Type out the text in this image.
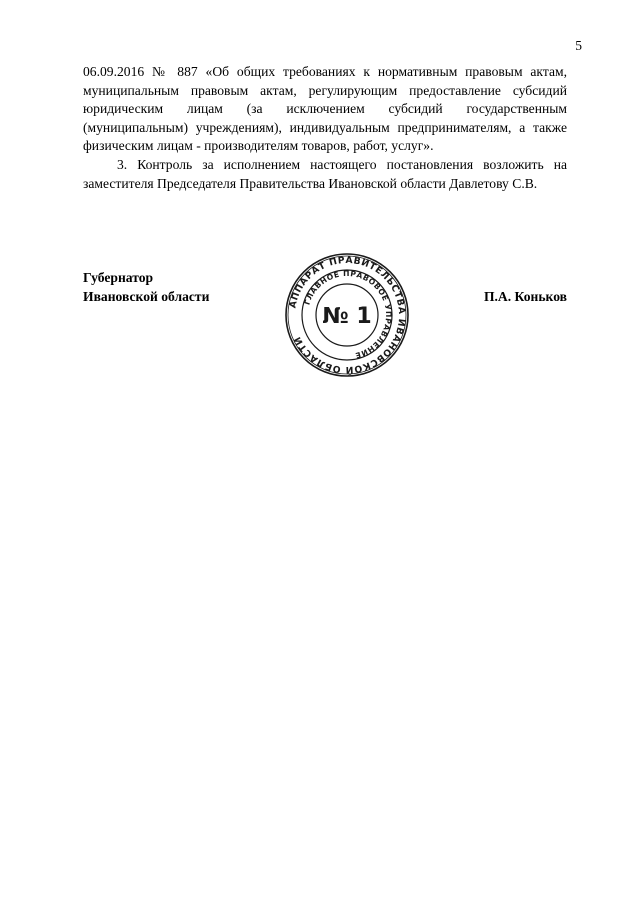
5

06.09.2016 № 887 «Об общих требованиях к нормативным правовым актам, муниципальным правовым актам, регулирующим предоставление субсидий юридическим лицам (за исключением субсидий государственным (муниципальным) учреждениям), индивидуальным предпринимателям, а также физическим лицам - производителям товаров, работ, услуг».

3. Контроль за исполнением настоящего постановления возложить на заместителя Председателя Правительства Ивановской области Давлетову С.В.

Губернатор
Ивановской области	П.А. Коньков
АППАРАТ ПРАВИТЕЛЬСТВА ИВАНОВСКОЙ ОБЛАСТИ
ГЛАВНОЕ ПРАВОВОЕ УПРАВЛЕНИЕ
№ 1
